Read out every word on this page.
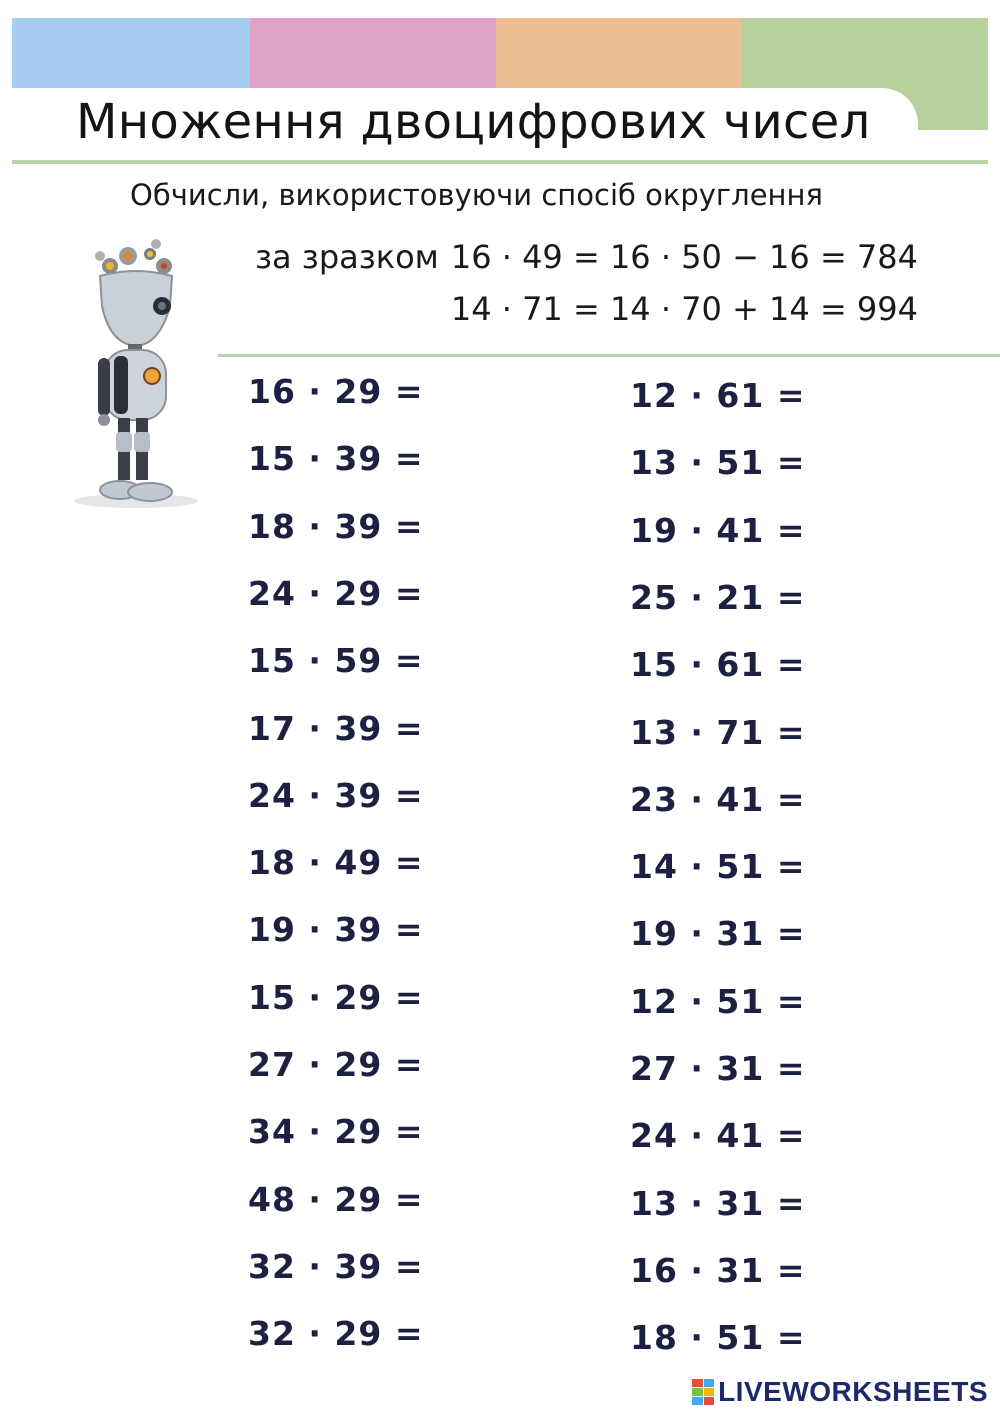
Множення двоцифрових чисел
Обчисли, використовуючи спосіб округлення
за зразком 16 · 49 = 16 · 50 − 16 = 784
14 · 71 = 14 · 70 + 14 = 994
16 · 29 =
15 · 39 =
18 · 39 =
24 · 29 =
15 · 59 =
17 · 39 =
24 · 39 =
18 · 49 =
19 · 39 =
15 · 29 =
27 · 29 =
34 · 29 =
48 · 29 =
32 · 39 =
32 · 29 =
12 · 61 =
13 · 51 =
19 · 41 =
25 · 21 =
15 · 61 =
13 · 71 =
23 · 41 =
14 · 51 =
19 · 31 =
12 · 51 =
27 · 31 =
24 · 41 =
13 · 31 =
16 · 31 =
18 · 51 =
LIVEWORKSHEETS
